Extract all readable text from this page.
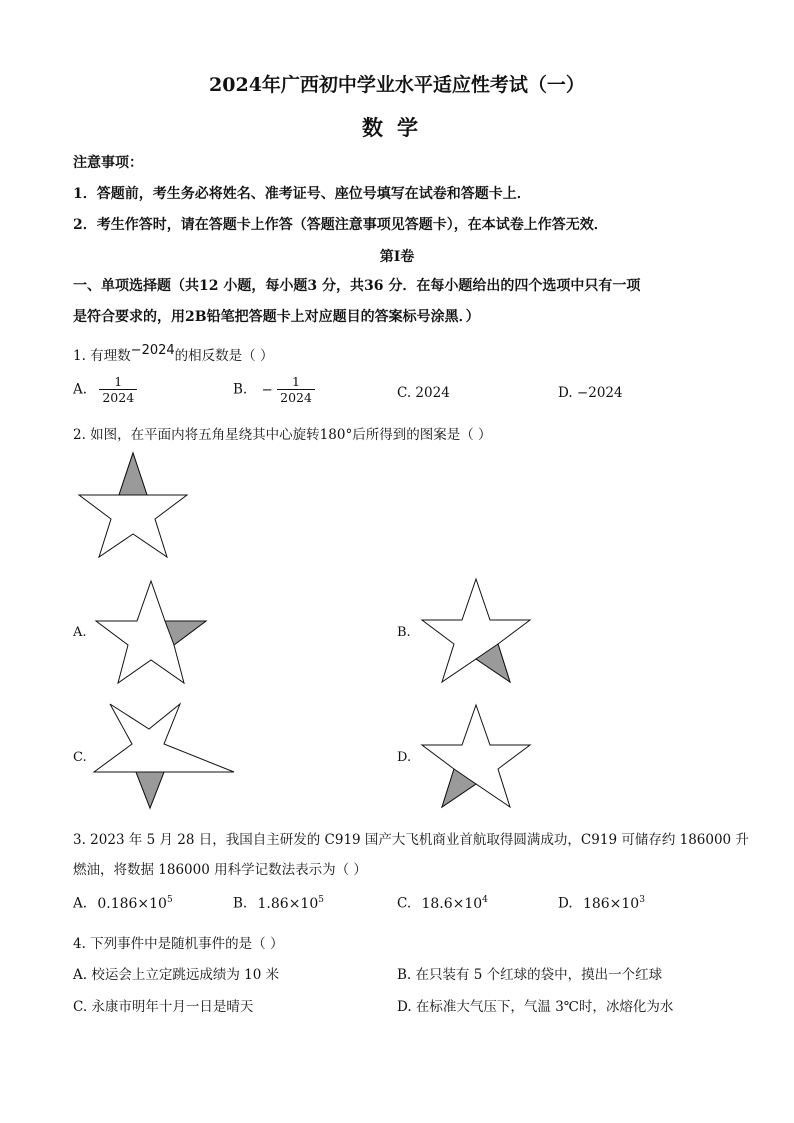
2024年广西初中学业水平适应性考试（一）
数学
注意事项：
1．答题前，考生务必将姓名、准考证号、座位号填写在试卷和答题卡上．
2．考生作答时，请在答题卡上作答（答题注意事项见答题卡），在本试卷上作答无效．
第Ⅰ卷
一、单项选择题（共12 小题，每小题3 分，共36 分．在每小题给出的四个选项中只有一项
是符合要求的，用2B铅笔把答题卡上对应题目的答案标号涂黑．）
1. 有理数−2024的相反数是（ ）
A. $\frac{1}{2024}$	B. − $\frac{1}{2024}$	C. 2024	D. −2024
2. 如图，在平面内将五角星绕其中心旋转180°后所得到的图案是（ ）
A.	B.
C.	D.
3. 2023 年 5 月 28 日，我国自主研发的 C919 国产大飞机商业首航取得圆满成功，C919 可储存约 186000 升
燃油，将数据 186000 用科学记数法表示为（ ）
A. $0.186\times 10^5$	B. $1.86\times 10^5$	C. $18.6\times 10^4$	D. $186\times 10^3$
4. 下列事件中是随机事件的是（ ）
A. 校运会上立定跳远成绩为 10 米	B. 在只装有 5 个红球的袋中，摸出一个红球
C. 永康市明年十月一日是晴天	D. 在标准大气压下，气温 3℃时，冰熔化为水
